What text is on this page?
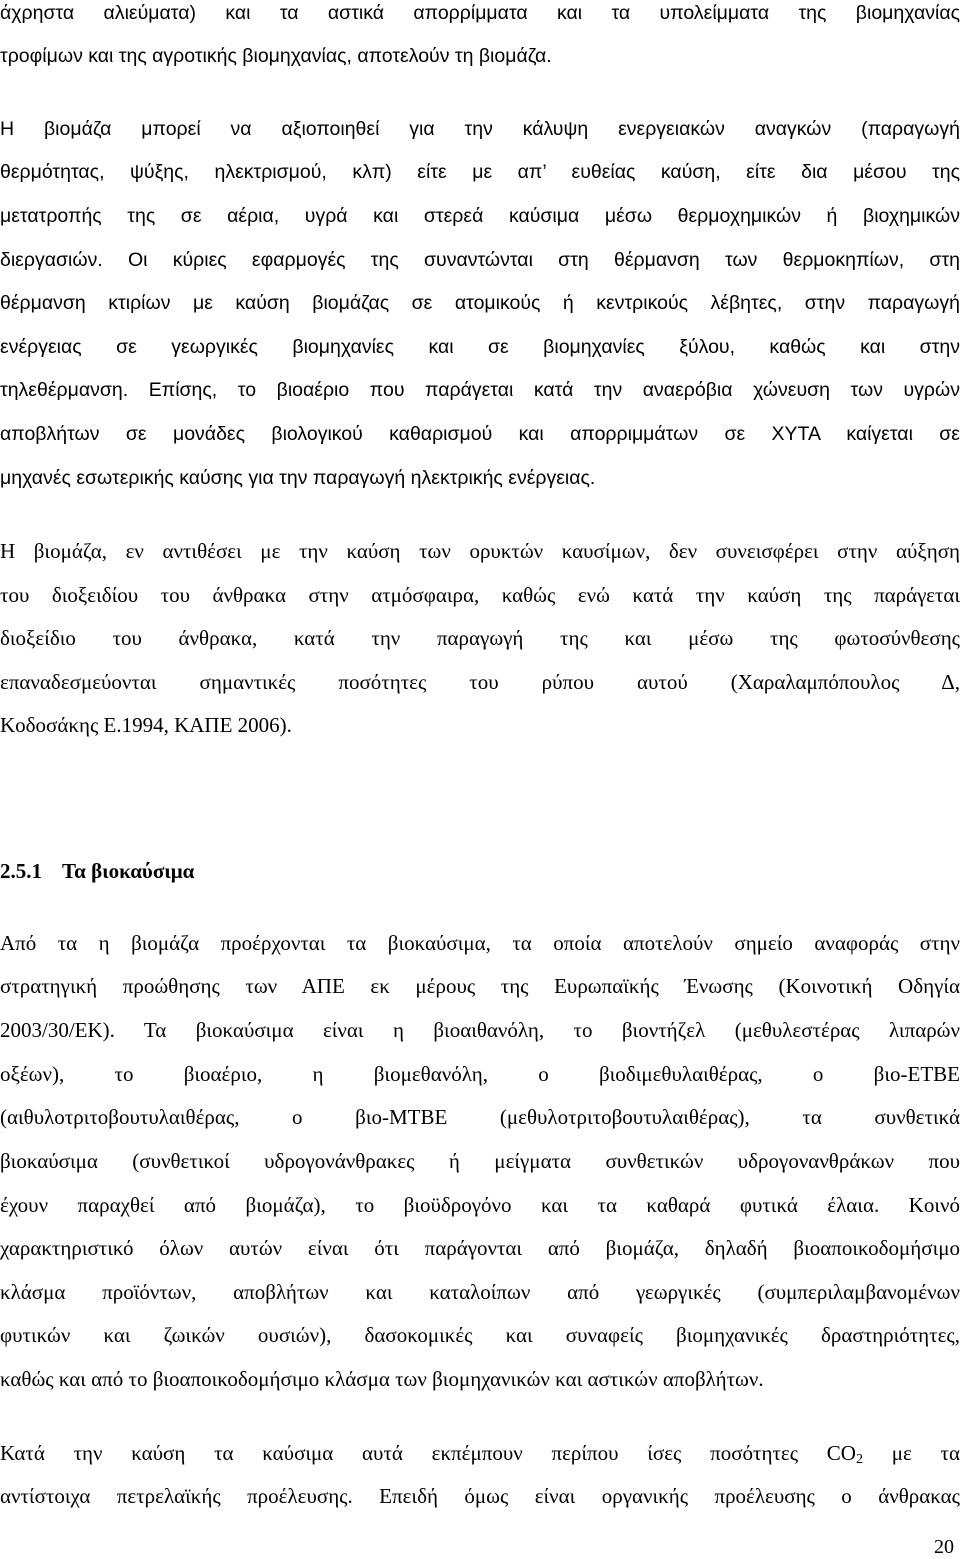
άχρηστα αλιεύματα) και τα αστικά απορρίμματα και τα υπολείμματα της βιομηχανίας

τροφίμων και της αγροτικής βιομηχανίας, αποτελούν τη βιομάζα.

Η βιομάζα μπορεί να αξιοποιηθεί για την κάλυψη ενεργειακών αναγκών (παραγωγή

θερμότητας, ψύξης, ηλεκτρισμού, κλπ) είτε με απ’ ευθείας καύση, είτε δια μέσου της

μετατροπής της σε αέρια, υγρά και στερεά καύσιμα μέσω θερμοχημικών ή βιοχημικών

διεργασιών. Οι κύριες εφαρμογές της συναντώνται στη θέρμανση των θερμοκηπίων, στη

θέρμανση κτιρίων με καύση βιομάζας σε ατομικούς ή κεντρικούς λέβητες, στην παραγωγή

ενέργειας σε γεωργικές βιομηχανίες και σε βιομηχανίες ξύλου, καθώς και στην

τηλεθέρμανση. Επίσης, το βιοαέριο που παράγεται κατά την αναερόβια χώνευση των υγρών

αποβλήτων σε μονάδες βιολογικού καθαρισμού και απορριμμάτων σε ΧΥΤΑ καίγεται σε

μηχανές εσωτερικής καύσης για την παραγωγή ηλεκτρικής ενέργειας.

Η βιομάζα, εν αντιθέσει με την καύση των ορυκτών καυσίμων, δεν συνεισφέρει στην αύξηση

του διοξειδίου του άνθρακα στην ατμόσφαιρα, καθώς ενώ κατά την καύση της παράγεται

διοξείδιο του άνθρακα, κατά την παραγωγή της και μέσω της φωτοσύνθεσης

επαναδεσμεύονται σημαντικές ποσότητες του ρύπου αυτού (Χαραλαμπόπουλος Δ,

Κοδοσάκης Ε.1994, ΚΑΠΕ 2006).

2.5.1 Τα βιοκαύσιμα

Από τα η βιομάζα προέρχονται τα βιοκαύσιμα, τα οποία αποτελούν σημείο αναφοράς στην

στρατηγική προώθησης των ΑΠΕ εκ μέρους της Ευρωπαϊκής Ένωσης (Κοινοτική Οδηγία

2003/30/ΕΚ). Τα βιοκαύσιμα είναι η βιοαιθανόλη, το βιοντήζελ (μεθυλεστέρας λιπαρών

οξέων), το βιοαέριο, η βιομεθανόλη, ο βιοδιμεθυλαιθέρας, ο βιο-ΕΤΒΕ

(αιθυλοτριτοβουτυλαιθέρας, ο βιο-ΜΤΒΕ (μεθυλοτριτοβουτυλαιθέρας), τα συνθετικά

βιοκαύσιμα (συνθετικοί υδρογονάνθρακες ή μείγματα συνθετικών υδρογονανθράκων που

έχουν παραχθεί από βιομάζα), το βιοϋδρογόνο και τα καθαρά φυτικά έλαια. Κοινό

χαρακτηριστικό όλων αυτών είναι ότι παράγονται από βιομάζα, δηλαδή βιοαποικοδομήσιμο

κλάσμα προϊόντων, αποβλήτων και καταλοίπων από γεωργικές (συμπεριλαμβανομένων

φυτικών και ζωικών ουσιών), δασοκομικές και συναφείς βιομηχανικές δραστηριότητες,

καθώς και από το βιοαποικοδομήσιμο κλάσμα των βιομηχανικών και αστικών αποβλήτων.

Κατά την καύση τα καύσιμα αυτά εκπέμπουν περίπου ίσες ποσότητες $CO_2$ με τα

αντίστοιχα πετρελαϊκής προέλευσης. Επειδή όμως είναι οργανικής προέλευσης ο άνθρακας

20
